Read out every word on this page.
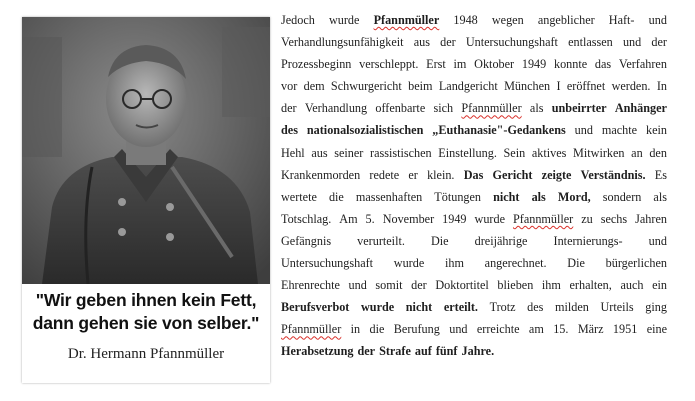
"Wir geben ihnen kein Fett,
dann gehen sie von selber."
Dr. Hermann Pfannmüller
Jedoch wurde Pfannmüller 1948 wegen angeblicher Haft- und
Verhandlungsunfähigkeit aus der Untersuchungshaft entlassen und der
Prozessbeginn verschleppt. Erst im Oktober 1949 konnte das Verfahren
vor dem Schwurgericht beim Landgericht München I eröffnet werden. In
der Verhandlung offenbarte sich Pfannmüller als unbeirrter Anhänger
des nationalsozialistischen „Euthanasie"-Gedankens und machte kein
Hehl aus seiner rassistischen Einstellung. Sein aktives Mitwirken an den
Krankenmorden redete er klein. Das Gericht zeigte Verständnis. Es
wertete die massenhaften Tötungen nicht als Mord, sondern als
Totschlag. Am 5. November 1949 wurde Pfannmüller zu sechs Jahren
Gefängnis verurteilt. Die dreijährige Internierungs- und
Untersuchungshaft wurde ihm angerechnet. Die bürgerlichen
Ehrenrechte und somit der Doktortitel blieben ihm erhalten, auch ein
Berufsverbot wurde nicht erteilt. Trotz des milden Urteils ging
Pfannmüller in die Berufung und erreichte am 15. März 1951 eine
Herabsetzung der Strafe auf fünf Jahre.
